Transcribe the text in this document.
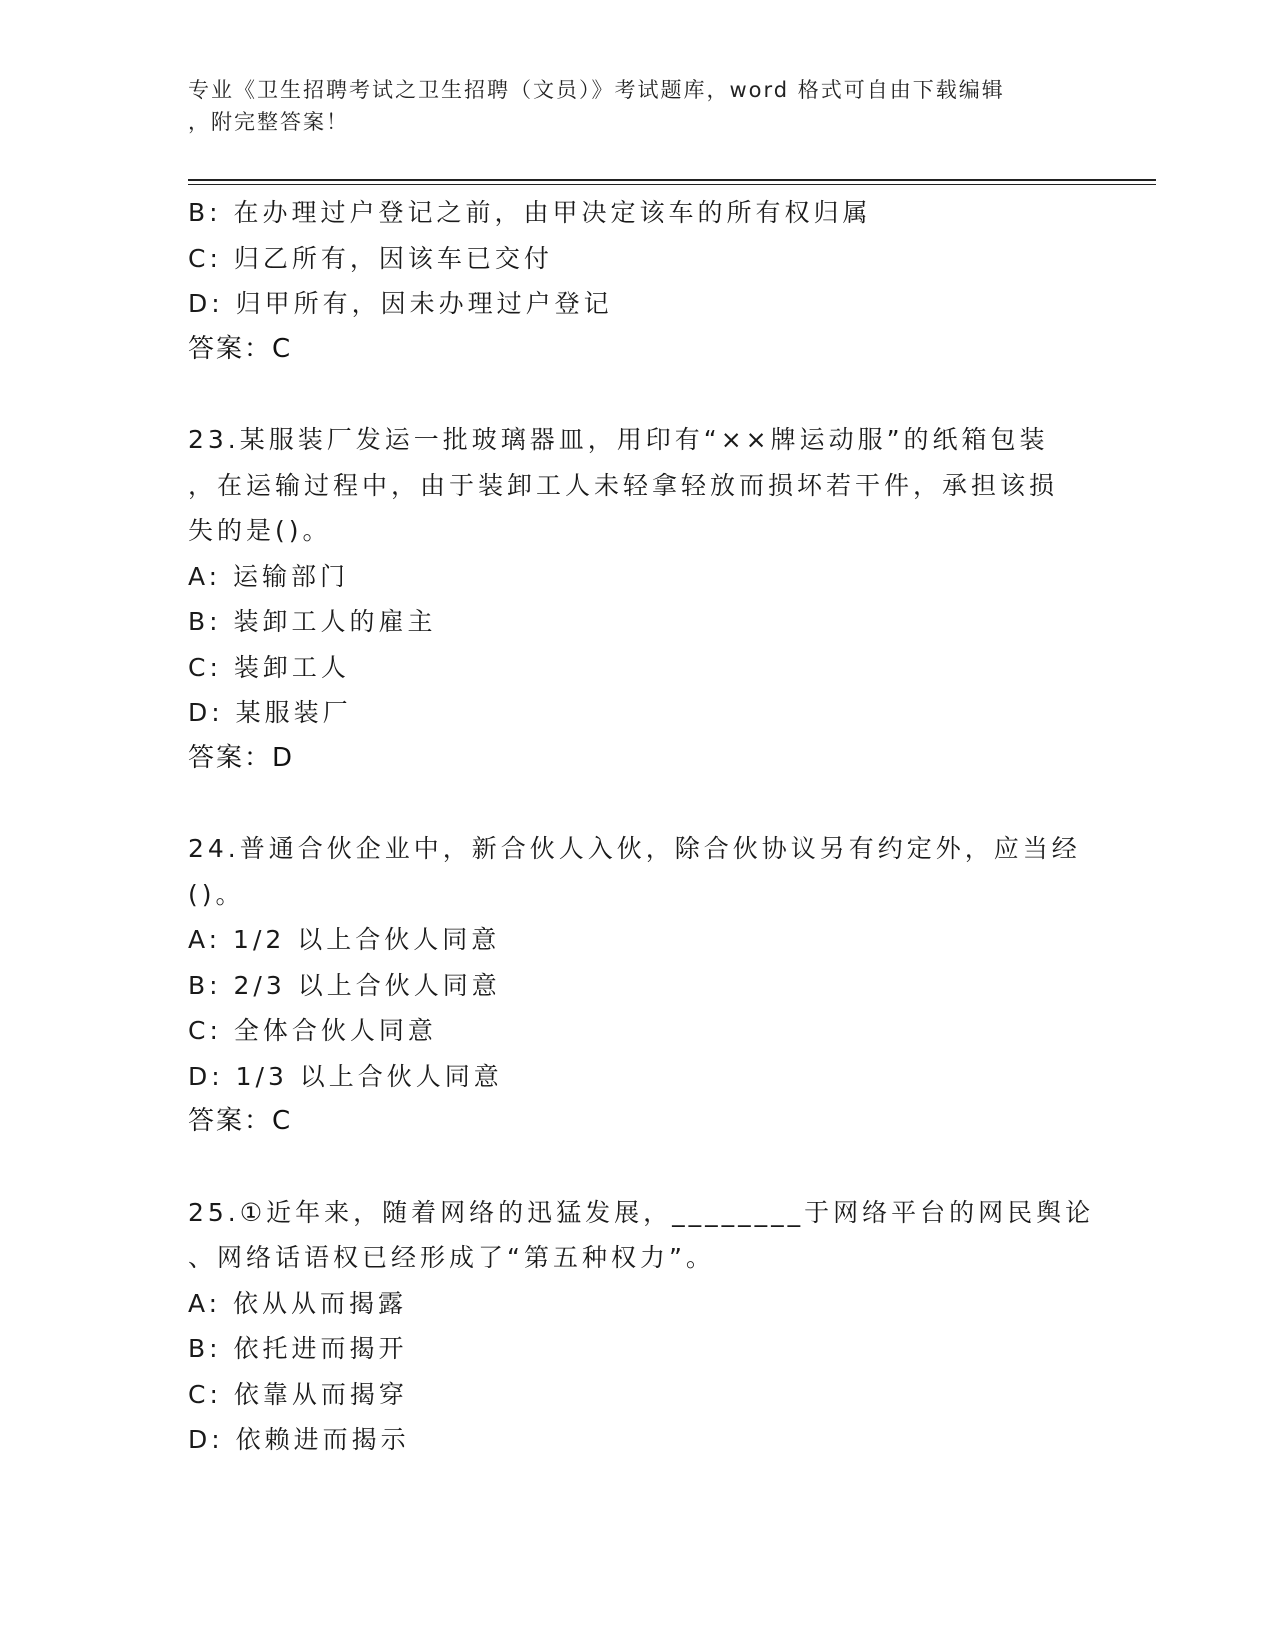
专业《卫生招聘考试之卫生招聘（文员）》考试题库，word 格式可自由下载编辑
，附完整答案！
B: 在办理过户登记之前，由甲决定该车的所有权归属
C: 归乙所有，因该车已交付
D: 归甲所有，因未办理过户登记
答案：C
23.某服装厂发运一批玻璃器皿，用印有“××牌运动服”的纸箱包装
，在运输过程中，由于装卸工人未轻拿轻放而损坏若干件，承担该损
失的是()。
A: 运输部门
B: 装卸工人的雇主
C: 装卸工人
D: 某服装厂
答案：D
24.普通合伙企业中，新合伙人入伙，除合伙协议另有约定外，应当经
()。
A: 1/2 以上合伙人同意
B: 2/3 以上合伙人同意
C: 全体合伙人同意
D: 1/3 以上合伙人同意
答案：C
25.①近年来，随着网络的迅猛发展，________于网络平台的网民舆论
、网络话语权已经形成了“第五种权力”。
A: 依从从而揭露
B: 依托进而揭开
C: 依靠从而揭穿
D: 依赖进而揭示
